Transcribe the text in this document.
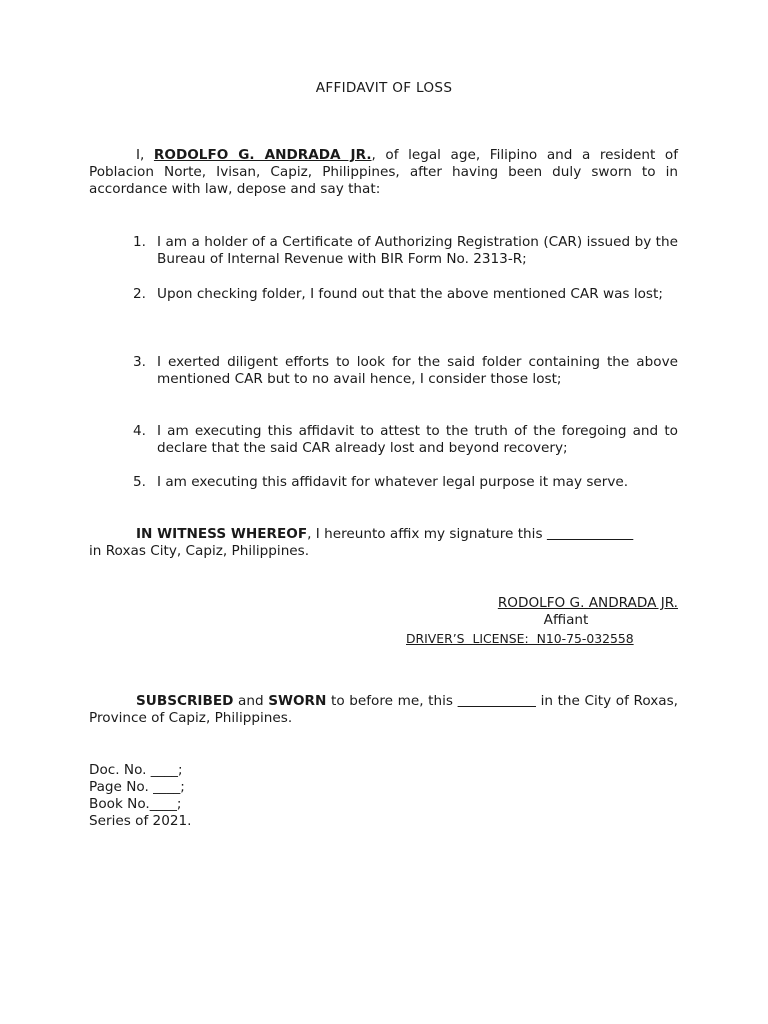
AFFIDAVIT OF LOSS

I, RODOLFO G. ANDRADA JR., of legal age, Filipino and a resident of Poblacion Norte, Ivisan, Capiz, Philippines, after having been duly sworn to in accordance with law, depose and say that:

1. I am a holder of a Certificate of Authorizing Registration (CAR) issued by the Bureau of Internal Revenue with BIR Form No. 2313-R;
2. Upon checking folder, I found out that the above mentioned CAR was lost;
3. I exerted diligent efforts to look for the said folder containing the above mentioned CAR but to no avail hence, I consider those lost;
4. I am executing this affidavit to attest to the truth of the foregoing and to declare that the said CAR already lost and beyond recovery;
5. I am executing this affidavit for whatever legal purpose it may serve.

IN WITNESS WHEREOF, I hereunto affix my signature this
in Roxas City, Capiz, Philippines.

RODOLFO G. ANDRADA JR.
Affiant
DRIVER’S LICENSE: N10-75-032558

SUBSCRIBED and SWORN to before me, this	in the City of Roxas, Province of Capiz, Philippines.

Doc. No. ____;
Page No. ____;
Book No.____;
Series of 2021.
